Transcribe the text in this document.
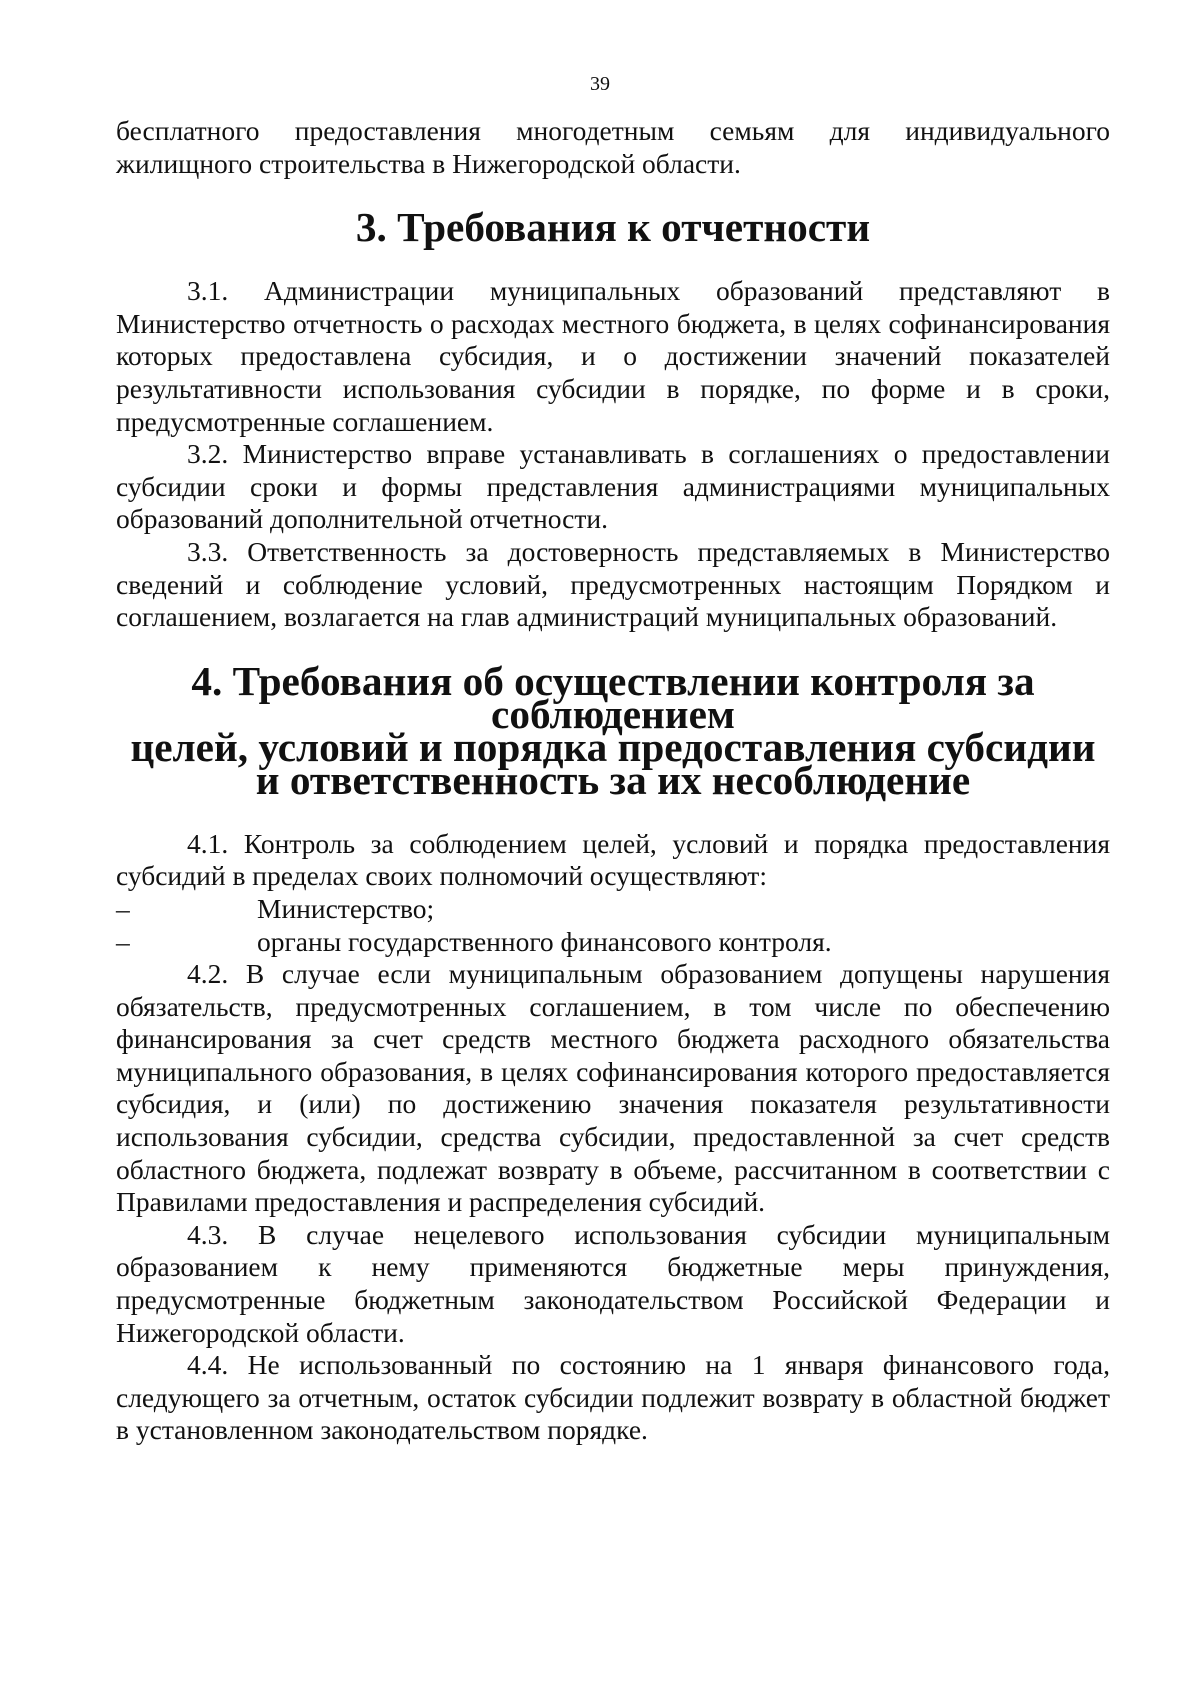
39

бесплатного предоставления многодетным семьям для индивидуального жилищного строительства в Нижегородской области.

3. Требования к отчетности

3.1. Администрации муниципальных образований представляют в Министерство отчетность о расходах местного бюджета, в целях софинансирования которых предоставлена субсидия, и о достижении значений показателей результативности использования субсидии в порядке, по форме и в сроки, предусмотренные соглашением.

3.2. Министерство вправе устанавливать в соглашениях о предоставлении субсидии сроки и формы представления администрациями муниципальных образований дополнительной отчетности.

3.3. Ответственность за достоверность представляемых в Министерство сведений и соблюдение условий, предусмотренных настоящим Порядком и соглашением, возлагается на глав администраций муниципальных образований.

4. Требования об осуществлении контроля за соблюдением
целей, условий и порядка предоставления субсидии
и ответственность за их несоблюдение

4.1. Контроль за соблюдением целей, условий и порядка предоставления субсидий в пределах своих полномочий осуществляют:

–	Министерство;

–	органы государственного финансового контроля.

4.2. В случае если муниципальным образованием допущены нарушения обязательств, предусмотренных соглашением, в том числе по обеспечению финансирования за счет средств местного бюджета расходного обязательства муниципального образования, в целях софинансирования которого предоставляется субсидия, и (или) по достижению значения показателя результативности использования субсидии, средства субсидии, предоставленной за счет средств областного бюджета, подлежат возврату в объеме, рассчитанном в соответствии с Правилами предоставления и распределения субсидий.

4.3. В случае нецелевого использования субсидии муниципальным образованием к нему применяются бюджетные меры принуждения, предусмотренные бюджетным законодательством Российской Федерации и Нижегородской области.

4.4. Не использованный по состоянию на 1 января финансового года, следующего за отчетным, остаток субсидии подлежит возврату в областной бюджет в установленном законодательством порядке.
